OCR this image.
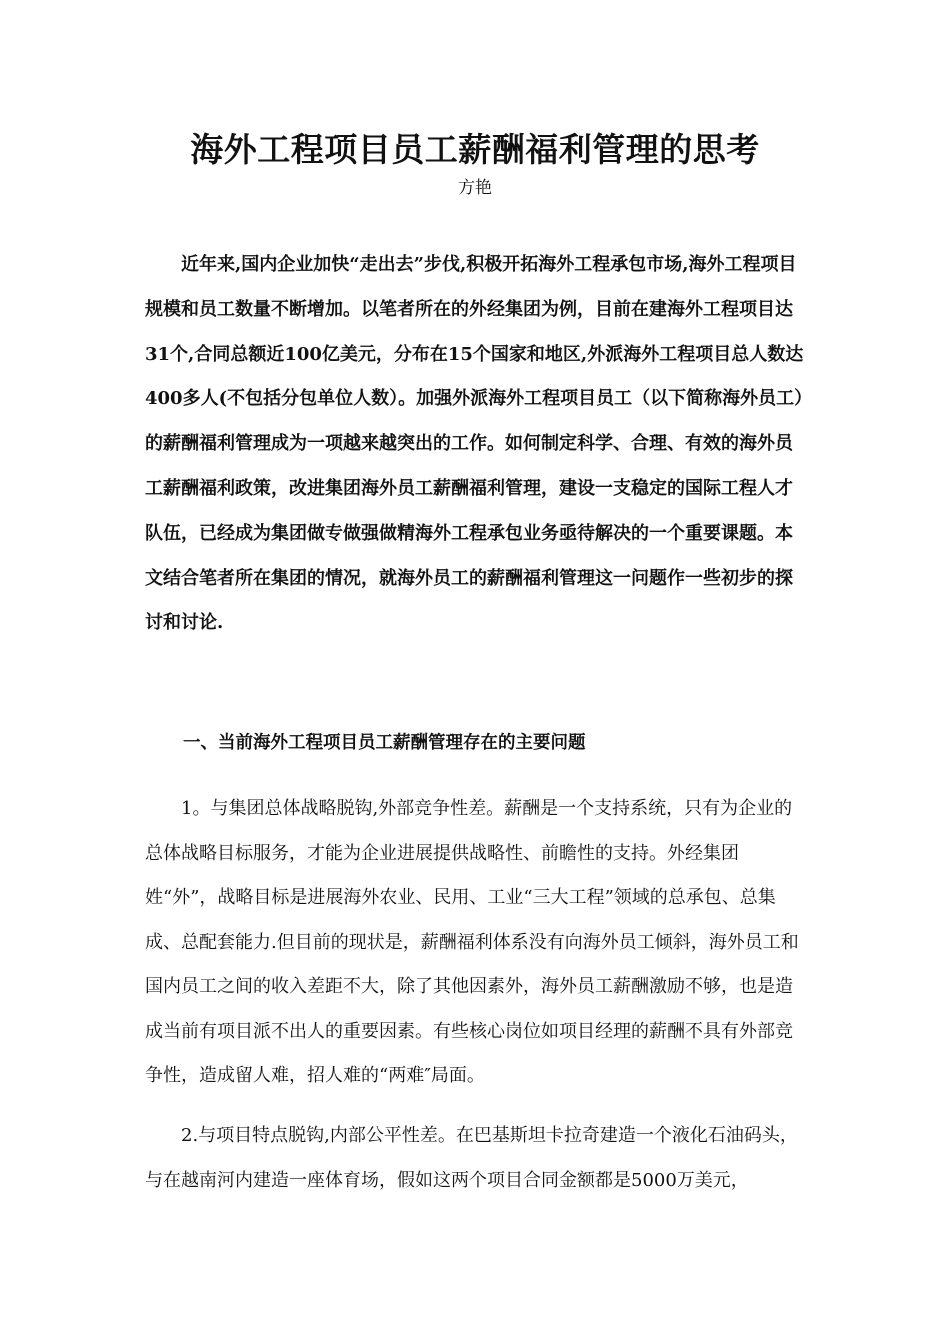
海外工程项目员工薪酬福利管理的思考
方艳

近年来,国内企业加快“走出去”步伐,积极开拓海外工程承包市场,海外工程项目规模和员工数量不断增加。以笔者所在的外经集团为例，目前在建海外工程项目达 31个,合同总额近100亿美元，分布在15个国家和地区,外派海外工程项目总人数达400多人(不包括分包单位人数）。加强外派海外工程项目员工（以下简称海外员工）的薪酬福利管理成为一项越来越突出的工作。如何制定科学、合理、有效的海外员工薪酬福利政策，改进集团海外员工薪酬福利管理，建设一支稳定的国际工程人才队伍，已经成为集团做专做强做精海外工程承包业务亟待解决的一个重要课题。本文结合笔者所在集团的情况，就海外员工的薪酬福利管理这一问题作一些初步的探讨和讨论.

一、当前海外工程项目员工薪酬管理存在的主要问题

1。与集团总体战略脱钩,外部竞争性差。薪酬是一个支持系统，只有为企业的总体战略目标服务，才能为企业进展提供战略性、前瞻性的支持。外经集团姓“外”，战略目标是进展海外农业、民用、工业“三大工程”领域的总承包、总集成、总配套能力.但目前的现状是，薪酬福利体系没有向海外员工倾斜，海外员工和国内员工之间的收入差距不大，除了其他因素外，海外员工薪酬激励不够，也是造成当前有项目派不出人的重要因素。有些核心岗位如项目经理的薪酬不具有外部竞争性，造成留人难，招人难的“两难″局面。

2.与项目特点脱钩,内部公平性差。在巴基斯坦卡拉奇建造一个液化石油码头，与在越南河内建造一座体育场，假如这两个项目合同金额都是5000万美元，
